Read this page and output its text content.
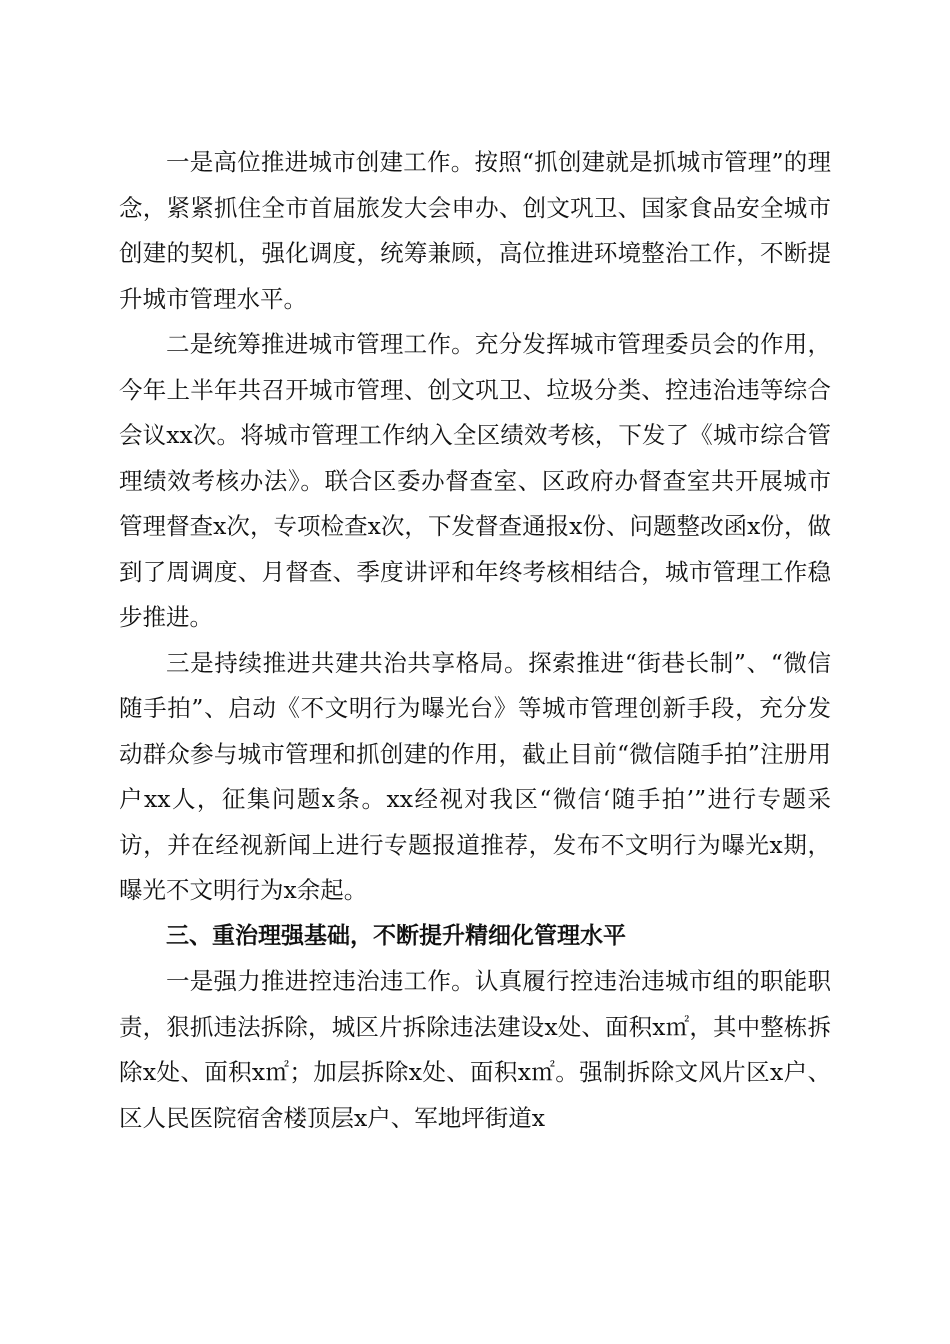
一是高位推进城市创建工作。按照“抓创建就是抓城市管理”的理念，紧紧抓住全市首届旅发大会申办、创文巩卫、国家食品安全城市创建的契机，强化调度，统筹兼顾，高位推进环境整治工作，不断提升城市管理水平。

二是统筹推进城市管理工作。充分发挥城市管理委员会的作用，今年上半年共召开城市管理、创文巩卫、垃圾分类、控违治违等综合会议xx次。将城市管理工作纳入全区绩效考核，下发了《城市综合管理绩效考核办法》。联合区委办督查室、区政府办督查室共开展城市管理督查x次，专项检查x次，下发督查通报x份、问题整改函x份，做到了周调度、月督查、季度讲评和年终考核相结合，城市管理工作稳步推进。

三是持续推进共建共治共享格局。探索推进“街巷长制”、“微信随手拍”、启动《不文明行为曝光台》等城市管理创新手段，充分发动群众参与城市管理和抓创建的作用，截止目前“微信随手拍”注册用户xx人，征集问题x条。xx经视对我区“微信‘随手拍’”进行专题采访，并在经视新闻上进行专题报道推荐，发布不文明行为曝光x期，曝光不文明行为x余起。

三、重治理强基础，不断提升精细化管理水平

一是强力推进控违治违工作。认真履行控违治违城市组的职能职责，狠抓违法拆除，城区片拆除违法建设x处、面积x㎡，其中整栋拆除x处、面积x㎡；加层拆除x处、面积x㎡。强制拆除文风片区x户、区人民医院宿舍楼顶层x户、军地坪街道x
